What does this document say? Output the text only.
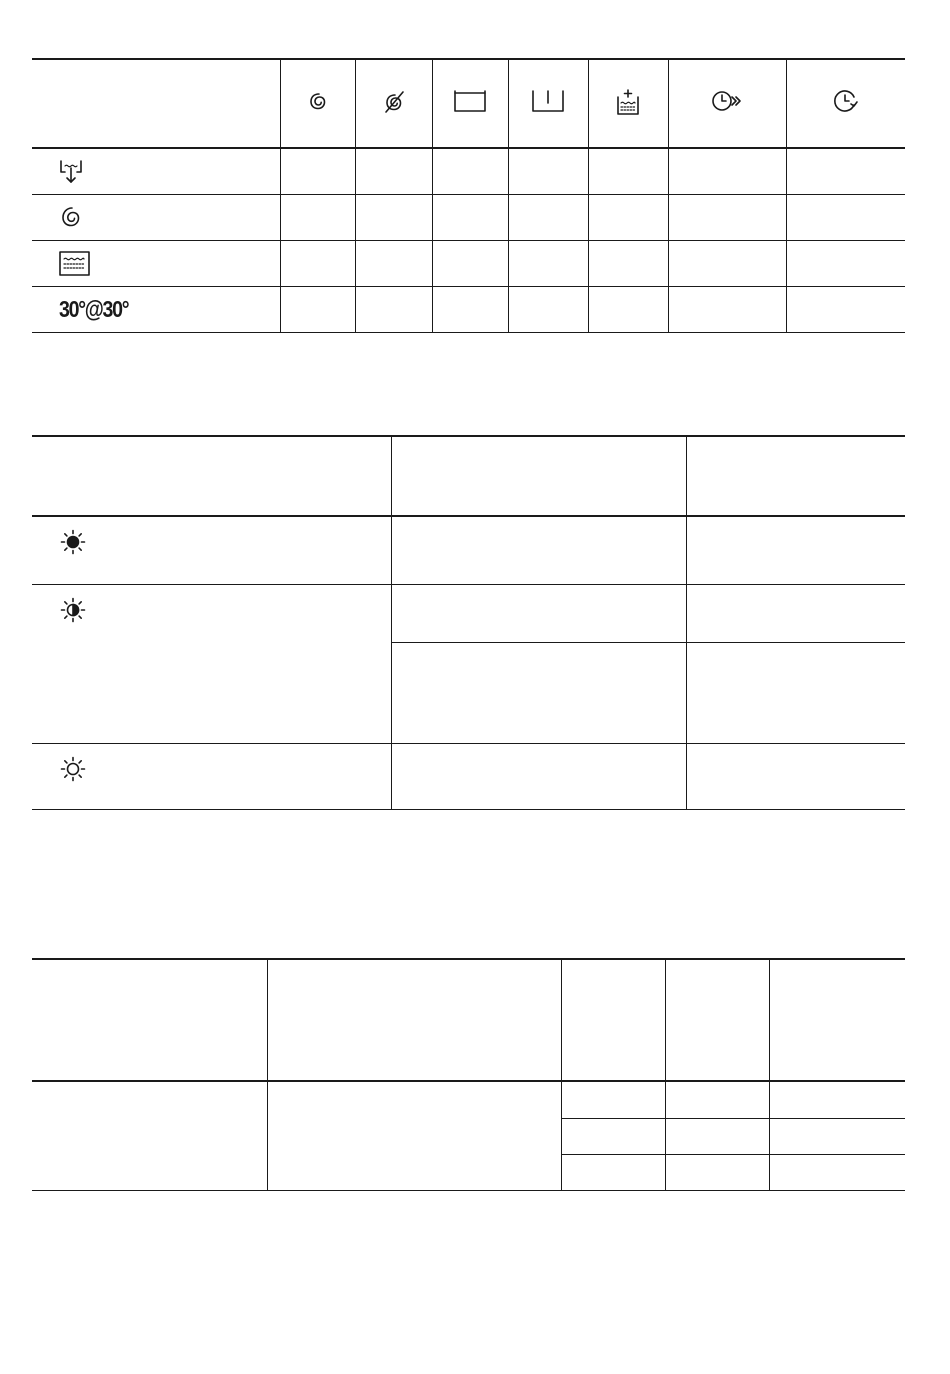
30°@30°							
